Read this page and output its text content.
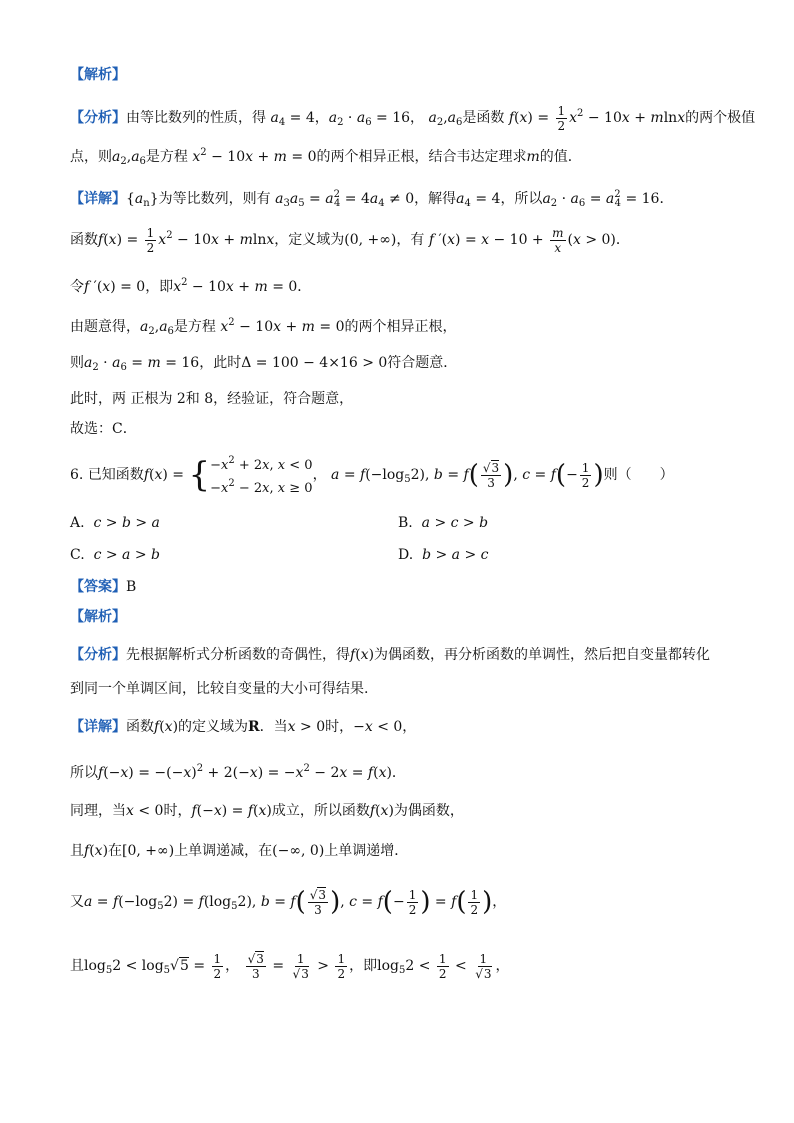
【解析】
【分析】由等比数列的性质，得 $a_4 = 4$，$a_2 \cdot a_6 = 16$， $a_2,a_6$是函数 $f(x) = \frac{1}{2} x^2 - 10x + mlnx$的两个极值
点，则$a_2,a_6$是方程 $x^2 - 10x + m = 0$的两个相异正根，结合韦达定理求m的值．
【详解】$\{a_n\}$为等比数列，则有 $a_3a_5 = a^2_4 = 4a_4 \ne 0$，解得$a_4 = 4$，所以$a_2 \cdot a_6 = a^2_4 = 16$．
函数$f(x) = \frac{1}{2} x^2 - 10x + mlnx$，定义域为(0, +∞)，有 f $'(x) = x - 10 + \frac{m}{x} (x > 0)$．
令f ′(x) = 0，即$x^2 - 10x + m = 0$．
由题意得，$a_2,a_6$是方程 $x^2 - 10x + m = 0$的两个相异正根，
则$a_2 \cdot a_6 = m = 16$，此时Δ = 100 − 4×16 > 0符合题意．
此时，两 正根为 2和 8，经验证，符合题意，
故选：C．
6. 已知函数f(x) = { $-x^2 + 2x$, x < 0
$-x^2 - 2x$, x ≥ 0
， $a = f(-\log_52)$, $b = f( \frac{√3}{3}$ ), $c = f(- \frac{1}{2}$ )则（　　）
A. c > b > a	B. a > c > b
C. c > a > b	D. b > a > c
【答案】B
【解析】
【分析】先根据解析式分析函数的奇偶性，得f(x)为偶函数，再分析函数的单调性，然后把自变量都转化
到同一个单调区间，比较自变量的大小可得结果.
【详解】函数f(x)的定义域为R．当x > 0时，−x < 0，
所以$f(-x) = -(-x)^2 + 2(-x) = -x^2 - 2x = f(x)$．
同理，当x < 0时，f(−x) = f(x)成立，所以函数f(x)为偶函数，
且f(x)在[0, +∞)上单调递减，在(−∞, 0)上单调递增．
又$a = f(-\log_52) = f(\log_52)$, $b = f( \frac{√3}{3}$ ), $c = f(- \frac{1}{2}$ ) = $f( \frac{1}{2}$ )，
且$\log_52 < \log_5√5 = \frac{1}{2}$ ， $\frac{√3}{3} = \frac{1}{√3} > \frac{1}{2}$ ，即$\log_52 < \frac{1}{2} < \frac{1}{√3}$ ，
